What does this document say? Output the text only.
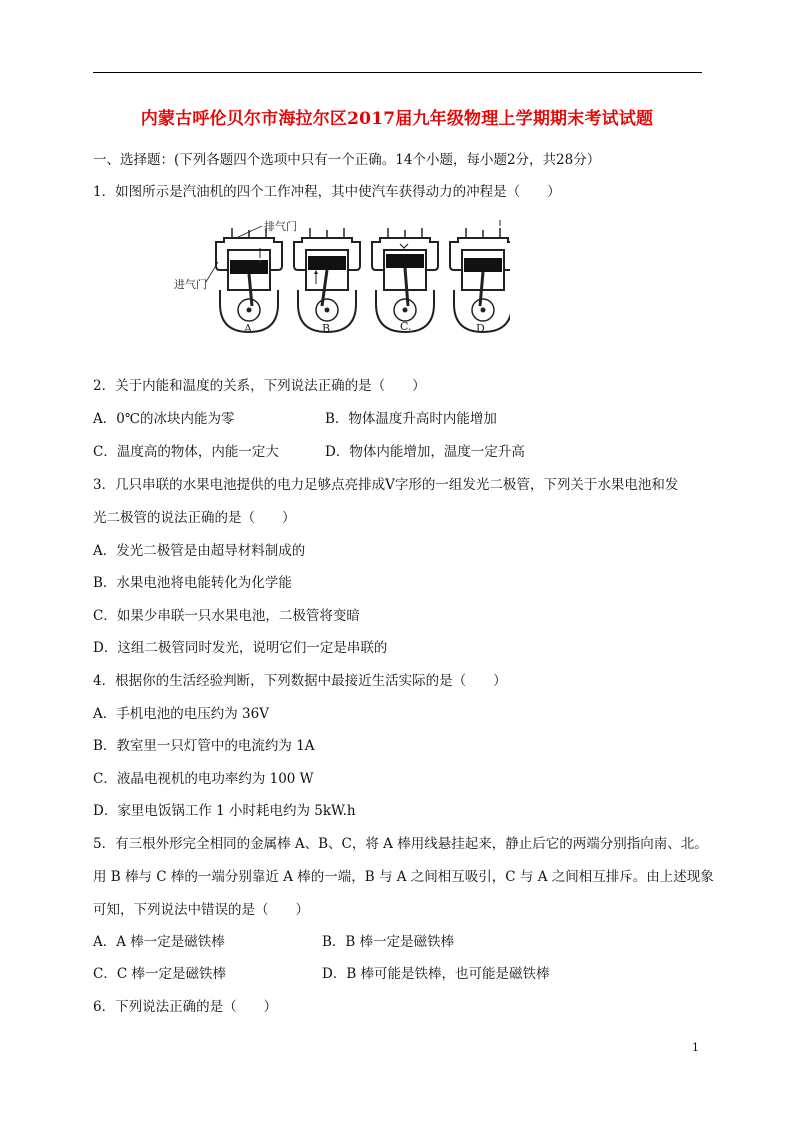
内蒙古呼伦贝尔市海拉尔区2017届九年级物理上学期期末考试试题
一、选择题：(下列各题四个选项中只有一个正确。14个小题，每小题2分，共28分）
1．如图所示是汽油机的四个工作冲程，其中使汽车获得动力的冲程是（　　）
排气门
进气门
A.	B.	C.	D.
2．关于内能和温度的关系，下列说法正确的是（　　）
A．0℃的冰块内能为零	B．物体温度升高时内能增加
C．温度高的物体，内能一定大	D．物体内能增加，温度一定升高
3．几只串联的水果电池提供的电力足够点亮排成V字形的一组发光二极管，下列关于水果电池和发
光二极管的说法正确的是（　　）
A．发光二极管是由超导材料制成的
B．水果电池将电能转化为化学能
C．如果少串联一只水果电池，二极管将变暗
D．这组二极管同时发光，说明它们一定是串联的
4．根据你的生活经验判断，下列数据中最接近生活实际的是（　　）
A．手机电池的电压约为 36V
B．教室里一只灯管中的电流约为 1A
C．液晶电视机的电功率约为 100 W
D．家里电饭锅工作 1 小时耗电约为 5kW.h
5．有三根外形完全相同的金属棒 A、B、C，将 A 棒用线悬挂起来，静止后它的两端分别指向南、北。
用 B 棒与 C 棒的一端分别靠近 A 棒的一端，B 与 A 之间相互吸引，C 与 A 之间相互排斥。由上述现象
可知，下列说法中错误的是（　　）
A．A 棒一定是磁铁棒	B．B 棒一定是磁铁棒
C．C 棒一定是磁铁棒	D．B 棒可能是铁棒，也可能是磁铁棒
6．下列说法正确的是（　　）
1
